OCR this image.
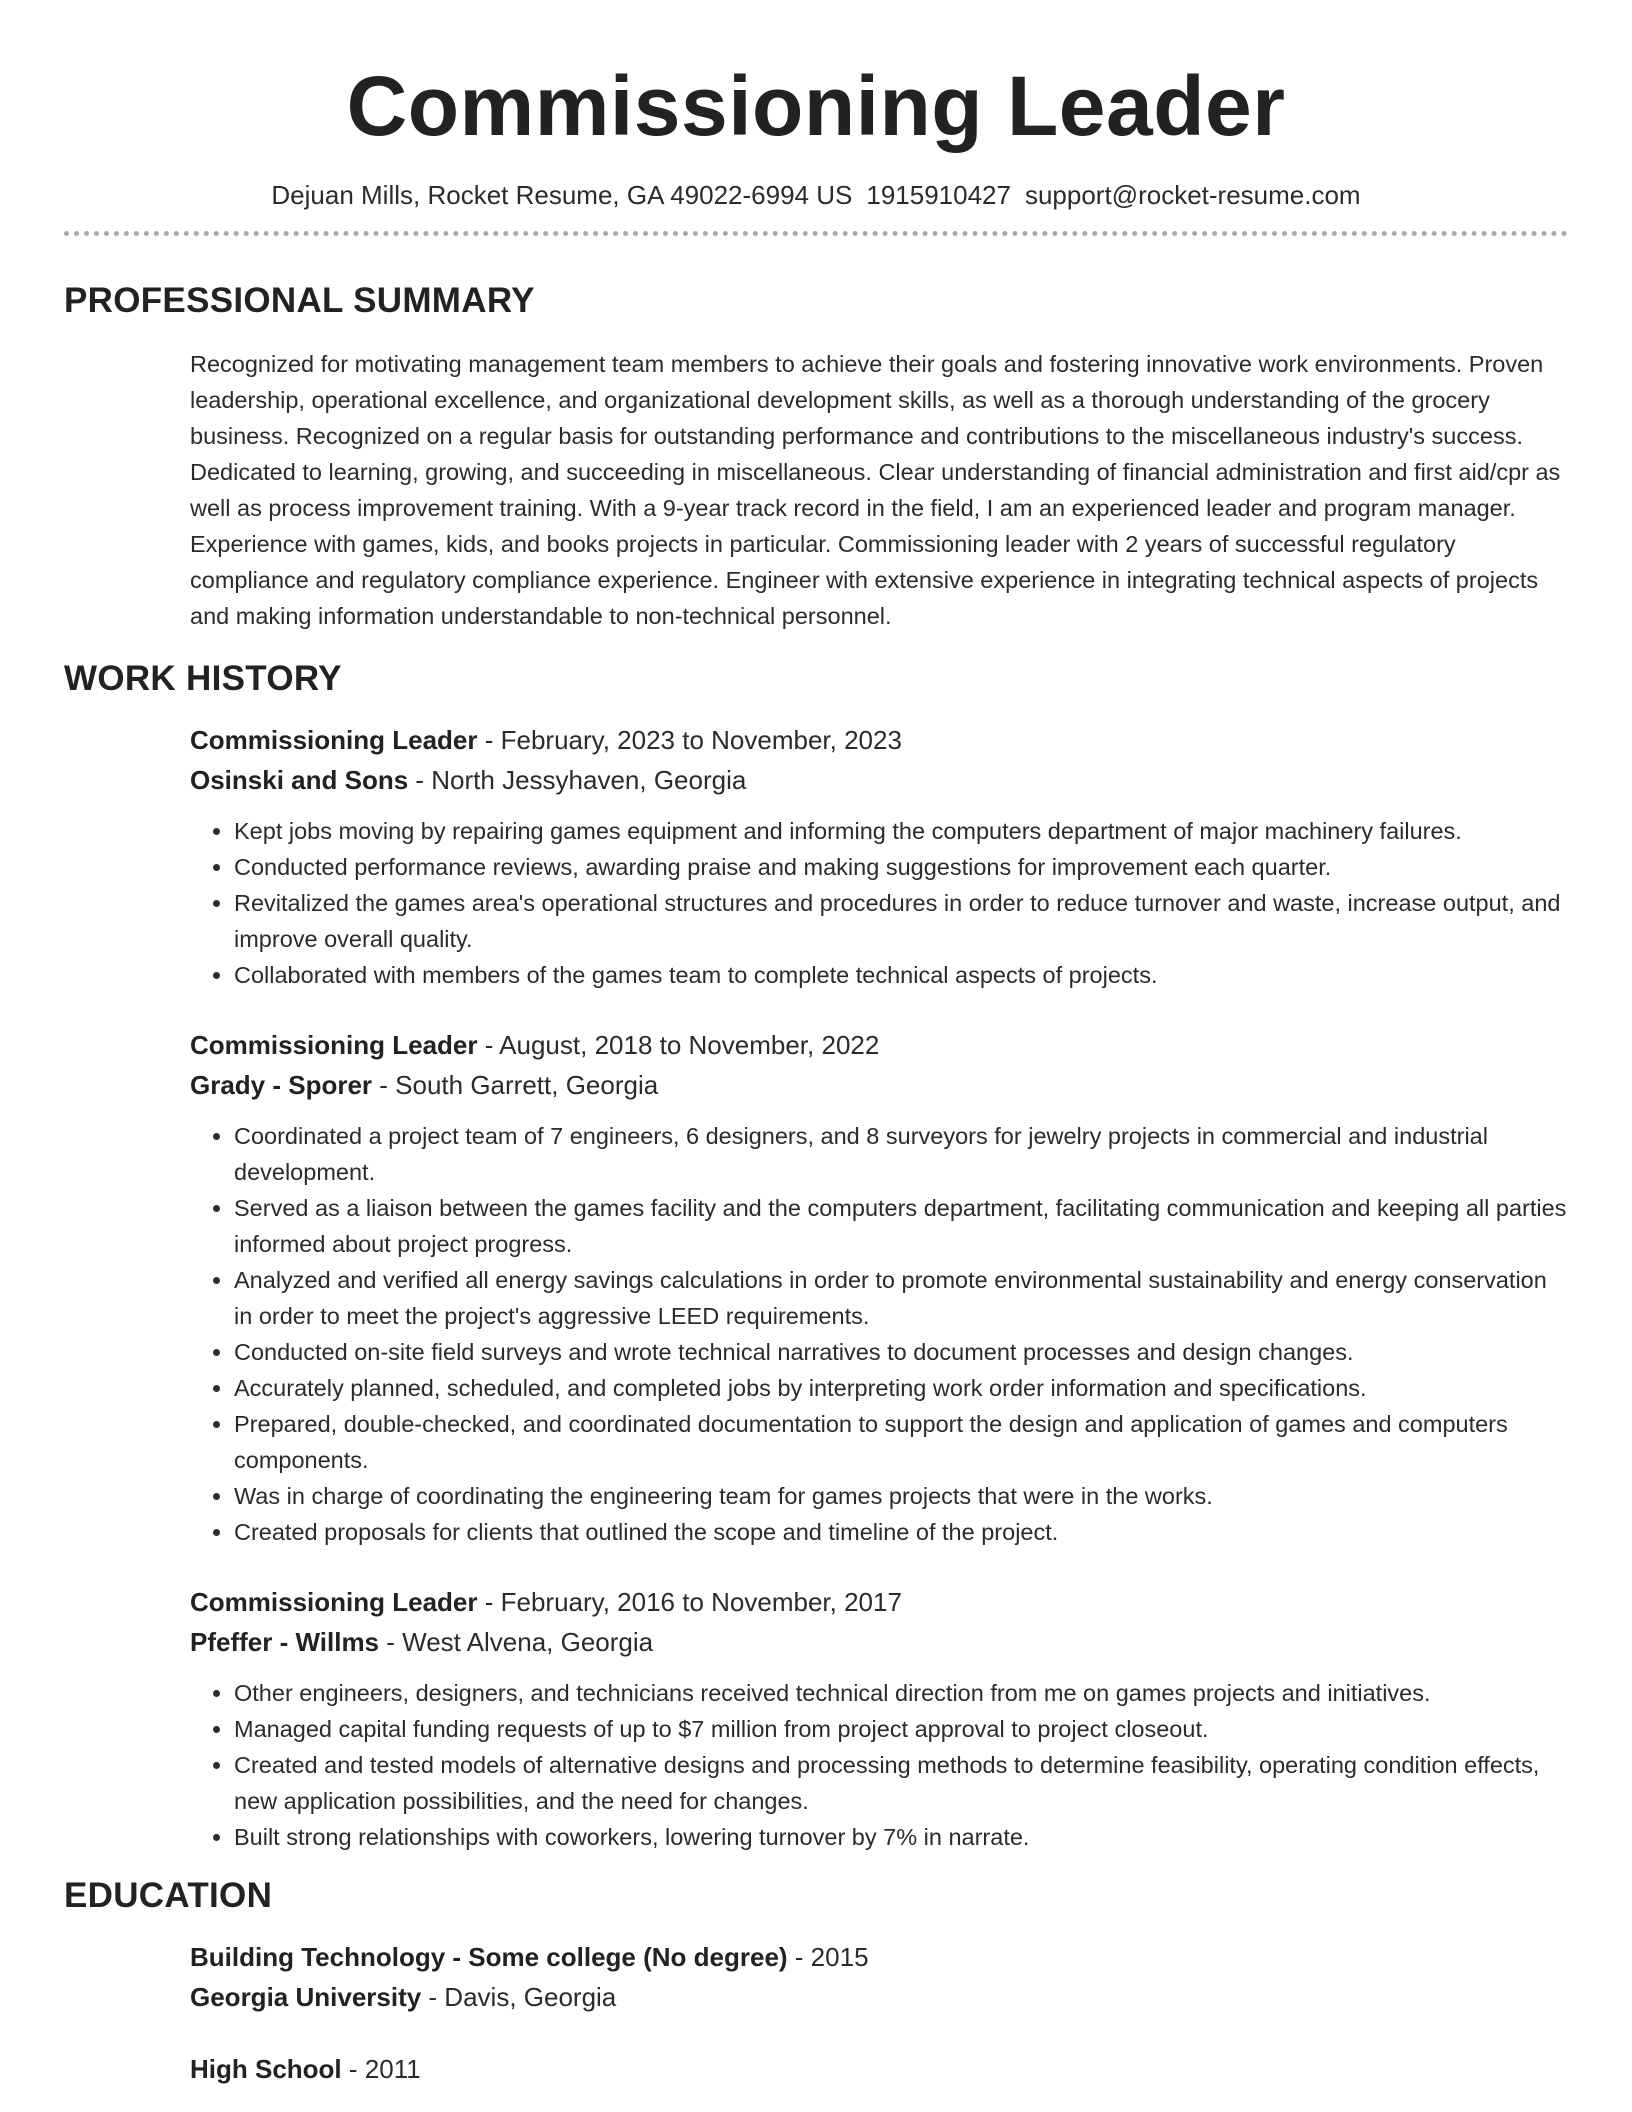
Commissioning Leader
Dejuan Mills, Rocket Resume, GA 49022-6994 US 1915910427 support@rocket-resume.com
PROFESSIONAL SUMMARY

Recognized for motivating management team members to achieve their goals and fostering innovative work environments. Proven leadership, operational excellence, and organizational development skills, as well as a thorough understanding of the grocery business. Recognized on a regular basis for outstanding performance and contributions to the miscellaneous industry's success. Dedicated to learning, growing, and succeeding in miscellaneous. Clear understanding of financial administration and first aid/cpr as well as process improvement training. With a 9-year track record in the field, I am an experienced leader and program manager. Experience with games, kids, and books projects in particular. Commissioning leader with 2 years of successful regulatory compliance and regulatory compliance experience. Engineer with extensive experience in integrating technical aspects of projects and making information understandable to non-technical personnel.

WORK HISTORY
Commissioning Leader - February, 2023 to November, 2023
Osinski and Sons - North Jessyhaven, Georgia
• Kept jobs moving by repairing games equipment and informing the computers department of major machinery failures.
• Conducted performance reviews, awarding praise and making suggestions for improvement each quarter.
• Revitalized the games area's operational structures and procedures in order to reduce turnover and waste, increase output, and improve overall quality.
• Collaborated with members of the games team to complete technical aspects of projects.
Commissioning Leader - August, 2018 to November, 2022
Grady - Sporer - South Garrett, Georgia
• Coordinated a project team of 7 engineers, 6 designers, and 8 surveyors for jewelry projects in commercial and industrial development.
• Served as a liaison between the games facility and the computers department, facilitating communication and keeping all parties informed about project progress.
• Analyzed and verified all energy savings calculations in order to promote environmental sustainability and energy conservation in order to meet the project's aggressive LEED requirements.
• Conducted on-site field surveys and wrote technical narratives to document processes and design changes.
• Accurately planned, scheduled, and completed jobs by interpreting work order information and specifications.
• Prepared, double-checked, and coordinated documentation to support the design and application of games and computers components.
• Was in charge of coordinating the engineering team for games projects that were in the works.
• Created proposals for clients that outlined the scope and timeline of the project.
Commissioning Leader - February, 2016 to November, 2017
Pfeffer - Willms - West Alvena, Georgia
• Other engineers, designers, and technicians received technical direction from me on games projects and initiatives.
• Managed capital funding requests of up to $7 million from project approval to project closeout.
• Created and tested models of alternative designs and processing methods to determine feasibility, operating condition effects, new application possibilities, and the need for changes.
• Built strong relationships with coworkers, lowering turnover by 7% in narrate.
EDUCATION
Building Technology - Some college (No degree) - 2015
Georgia University - Davis, Georgia
High School - 2011
